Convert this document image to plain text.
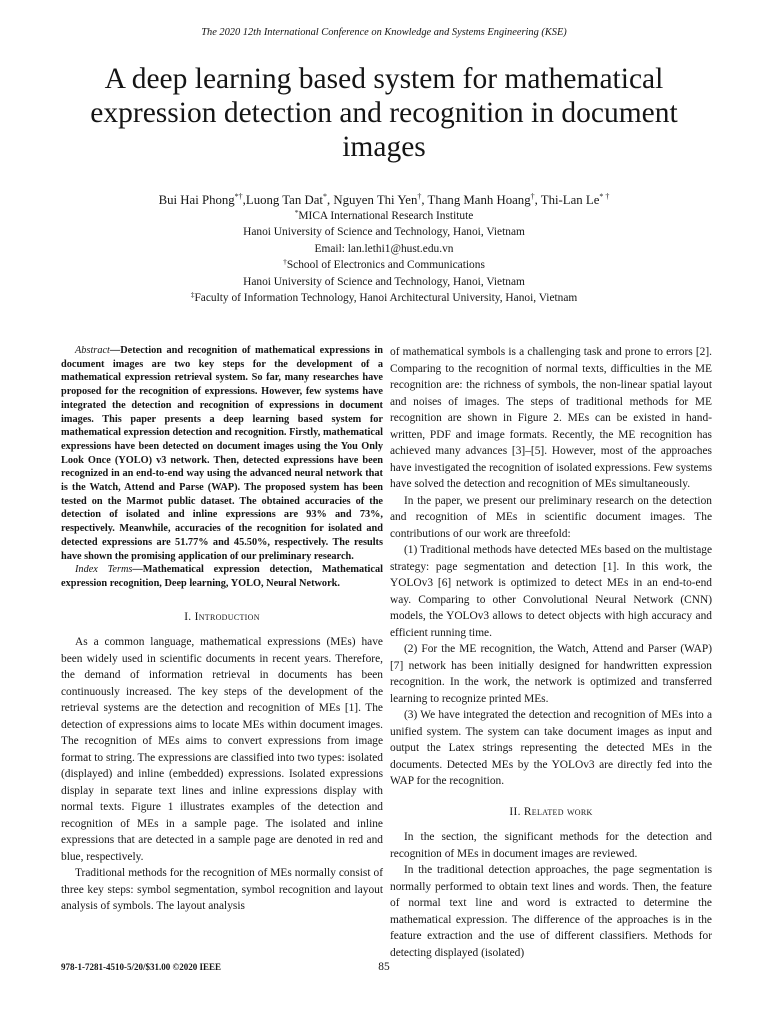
The 2020 12th International Conference on Knowledge and Systems Engineering (KSE)
A deep learning based system for mathematical
expression detection and recognition in document
images
Bui Hai Phong*†,Luong Tan Dat*, Nguyen Thi Yen†, Thang Manh Hoang†, Thi-Lan Le* †
*MICA International Research Institute
Hanoi University of Science and Technology, Hanoi, Vietnam
Email: lan.lethi1@hust.edu.vn
†School of Electronics and Communications
Hanoi University of Science and Technology, Hanoi, Vietnam
‡Faculty of Information Technology, Hanoi Architectural University, Hanoi, Vietnam

Abstract—Detection and recognition of mathematical expressions in document images are two key steps for the development of a mathematical expression retrieval system. So far, many researches have proposed for the recognition of expressions. However, few systems have integrated the detection and recognition of expressions in document images. This paper presents a deep learning based system for mathematical expression detection and recognition. Firstly, mathematical expressions have been detected on document images using the You Only Look Once (YOLO) v3 network. Then, detected expressions have been recognized in an end-to-end way using the advanced neural network that is the Watch, Attend and Parse (WAP). The proposed system has been tested on the Marmot public dataset. The obtained accuracies of the detection of isolated and inline expressions are 93% and 73%, respectively. Meanwhile, accuracies of the recognition for isolated and detected expressions are 51.77% and 45.50%, respectively. The results have shown the promising application of our preliminary research.

Index Terms—Mathematical expression detection, Mathematical expression recognition, Deep learning, YOLO, Neural Network.

I. Introduction

As a common language, mathematical expressions (MEs) have been widely used in scientific documents in recent years. Therefore, the demand of information retrieval in documents has been continuously increased. The key steps of the development of the retrieval systems are the detection and recognition of MEs [1]. The detection of expressions aims to locate MEs within document images. The recognition of MEs aims to convert expressions from image format to string. The expressions are classified into two types: isolated (displayed) and inline (embedded) expressions. Isolated expressions display in separate text lines and inline expressions display with normal texts. Figure 1 illustrates examples of the detection and recognition of MEs in a sample page. The isolated and inline expressions that are detected in a sample page are denoted in red and blue, respectively.

Traditional methods for the recognition of MEs normally consist of three key steps: symbol segmentation, symbol recognition and layout analysis of symbols. The layout analysis

of mathematical symbols is a challenging task and prone to errors [2]. Comparing to the recognition of normal texts, difficulties in the ME recognition are: the richness of symbols, the non-linear spatial layout and noises of images. The steps of traditional methods for ME recognition are shown in Figure 2. MEs can be existed in hand-written, PDF and image formats. Recently, the ME recognition has achieved many advances [3]–[5]. However, most of the approaches have investigated the recognition of isolated expressions. Few systems have solved the detection and recognition of MEs simultaneously.

In the paper, we present our preliminary research on the detection and recognition of MEs in scientific document images. The contributions of our work are threefold:

(1) Traditional methods have detected MEs based on the multistage strategy: page segmentation and detection [1]. In this work, the YOLOv3 [6] network is optimized to detect MEs in an end-to-end way. Comparing to other Convolutional Neural Network (CNN) models, the YOLOv3 allows to detect objects with high accuracy and efficient running time.

(2) For the ME recognition, the Watch, Attend and Parser (WAP) [7] network has been initially designed for handwritten expression recognition. In the work, the network is optimized and transferred learning to recognize printed MEs.

(3) We have integrated the detection and recognition of MEs into a unified system. The system can take document images as input and output the Latex strings representing the detected MEs in the documents. Detected MEs by the YOLOv3 are directly fed into the WAP for the recognition.

II. Related work

In the section, the significant methods for the detection and recognition of MEs in document images are reviewed.

In the traditional detection approaches, the page segmentation is normally performed to obtain text lines and words. Then, the feature of normal text line and word is extracted to determine the mathematical expression. The difference of the approaches is in the feature extraction and the use of different classifiers. Methods for detecting displayed (isolated)

978-1-7281-4510-5/20/$31.00 ©2020 IEEE	85
